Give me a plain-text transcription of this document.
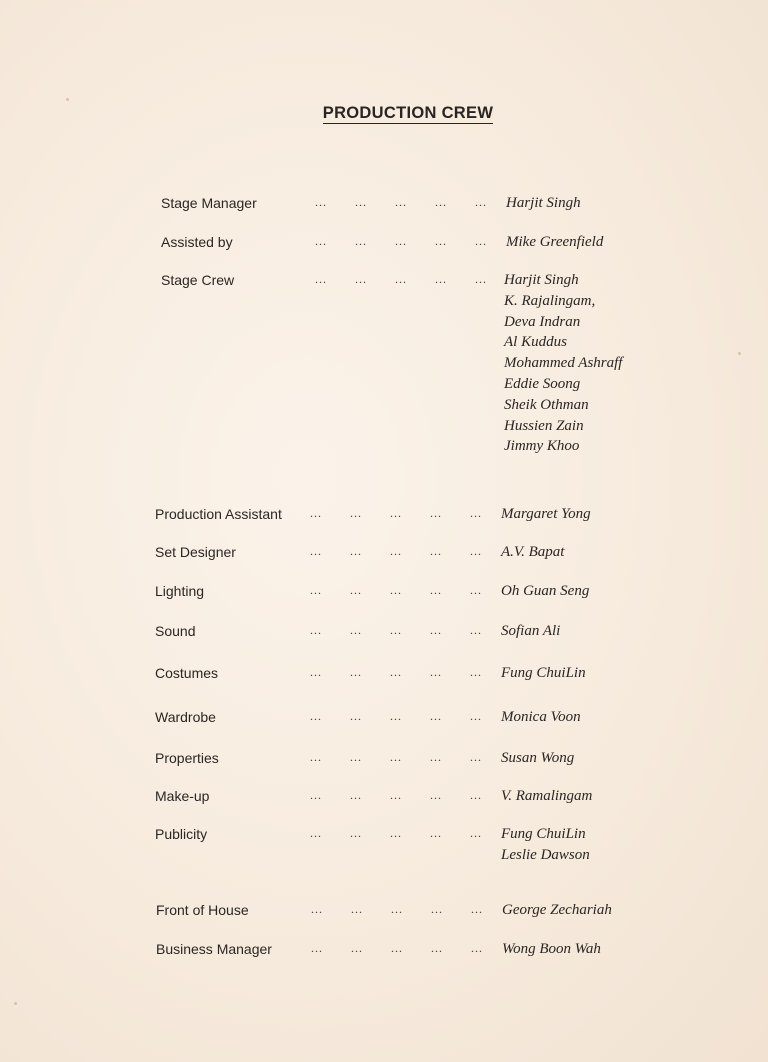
PRODUCTION CREW
Stage Manager	... ... ... ... ... Harjit Singh
Assisted by	... ... ... ... ... Mike Greenfield
Stage Crew	... ... ... ... ... Harjit Singh
K. Rajalingam,
Deva Indran
Al Kuddus
Mohammed Ashraff
Eddie Soong
Sheik Othman
Hussien Zain
Jimmy Khoo
Production Assistant ... ... ... ... ... Margaret Yong
Set Designer	... ... ... ... ... A.V. Bapat
Lighting	... ... ... ... ... Oh Guan Seng
Sound	... ... ... ... ... Sofian Ali
Costumes	... ... ... ... ... Fung ChuiLin
Wardrobe	... ... ... ... ... Monica Voon
Properties	... ... ... ... ... Susan Wong
Make-up	... ... ... ... ... V. Ramalingam
Publicity	... ... ... ... ... Fung ChuiLin
Leslie Dawson
Front of House	... ... ... ... ... George Zechariah
Business Manager	... ... ... ... ... Wong Boon Wah
